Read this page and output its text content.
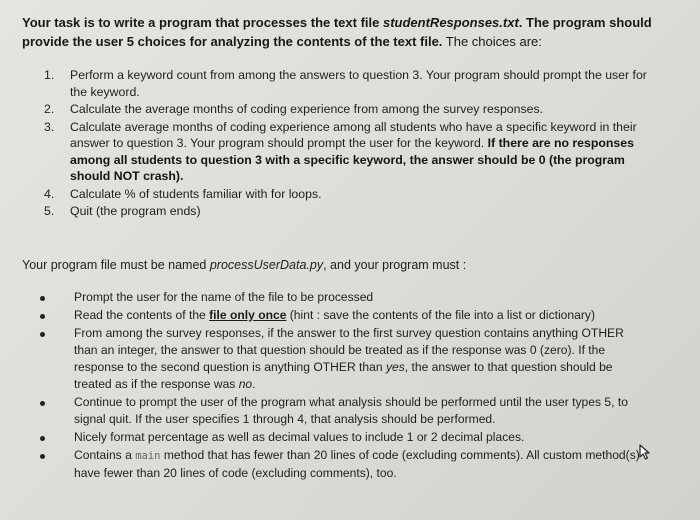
Your task is to write a program that processes the text file studentResponses.txt. The program should provide the user 5 choices for analyzing the contents of the text file. The choices are:
1. Perform a keyword count from among the answers to question 3. Your program should prompt the user for the keyword.
2. Calculate the average months of coding experience from among the survey responses.
3. Calculate average months of coding experience among all students who have a specific keyword in their answer to question 3. Your program should prompt the user for the keyword. If there are no responses among all students to question 3 with a specific keyword, the answer should be 0 (the program should NOT crash).
4. Calculate % of students familiar with for loops.
5. Quit (the program ends)
Your program file must be named processUserData.py, and your program must :
Prompt the user for the name of the file to be processed
Read the contents of the file only once (hint : save the contents of the file into a list or dictionary)
From among the survey responses, if the answer to the first survey question contains anything OTHER than an integer, the answer to that question should be treated as if the response was 0 (zero). If the response to the second question is anything OTHER than yes, the answer to that question should be treated as if the response was no.
Continue to prompt the user of the program what analysis should be performed until the user types 5, to signal quit. If the user specifies 1 through 4, that analysis should be performed.
Nicely format percentage as well as decimal values to include 1 or 2 decimal places.
Contains a main method that has fewer than 20 lines of code (excluding comments). All custom method(s) have fewer than 20 lines of code (excluding comments), too.
